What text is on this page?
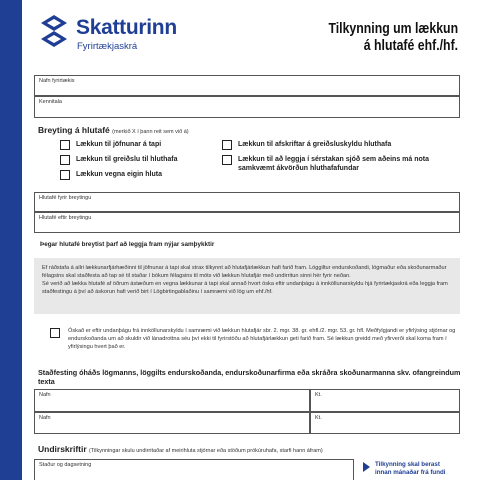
Skatturinn
Fyrirtækjaskrá
Tilkynning um lækkun
á hlutafé ehf./hf.
Nafn fyrirtækis
Kennitala
Breyting á hlutafé (merkið X í þann reit sem við á)
Lækkun til jöfnunar á tapi
Lækkun til greiðslu til hluthafa
Lækkun vegna eigin hluta
Lækkun til afskriftar á greiðsluskyldu hluthafa
Lækkun til að leggja í sérstakan sjóð sem aðeins má nota samkvæmt ákvörðun hluthafafundar
Hlutafé fyrir breytingu
Hlutafé eftir breytingu
Þegar hlutafé breytist þarf að leggja fram nýjar samþykktir

Ef ráðstafa á allri lækkunarfjárhæðinni til jöfnunar á tapi skal strax tilkynnt að hlutafjárlækkun hafi farið fram. Löggiltur endurskoðandi, lögmaður eða skoðunarmaður félagsins skal staðfesta að tap sé til staðar í bókum félagsins til móts við lækkun hlutafjár með undirritun sinni hér fyrir neðan.

Sé verið að lækka hlutafé af öðrum ástæðum en vegna lækkunar á tapi skal annað hvort óska eftir undanþágu á innköllunarskyldu hjá fyrirtækjaskrá eða leggja fram staðfestingu á því að áskorun hafi verið birt í Lögbirtingablaðinu í samræmi við lög um ehf./hf.

Óskað er eftir undanþágu frá innköllunarskyldu í samræmi við lækkun hlutafjár sbr. 2. mgr. 38. gr. ehfl./2. mgr. 53. gr. hfl. Meðfylgjandi er yfirlýsing stjórnar og endurskoðanda um að skuldir við lánadrottna séu því ekki til fyrirstöðu að hlutafjárlækkun geti farið fram. Sé lækkun greidd með yfirverði skal koma fram í yfirlýsingu hvert það er.
Staðfesting óháðs lögmanns, löggilts endurskoðanda, endurskoðunarfirma eða skráðra skoðunarmanna skv. ofangreindum texta
Nafn	Kt.
Nafn	Kt.
Undirskriftir (Tilkynningar skulu undirritaðar af meirihluta stjórnar eða stöðum prókúruhafa, starfi hann áfram)
Staður og dagsetning	Tilkynning skal berast
innan mánaðar frá fundi
